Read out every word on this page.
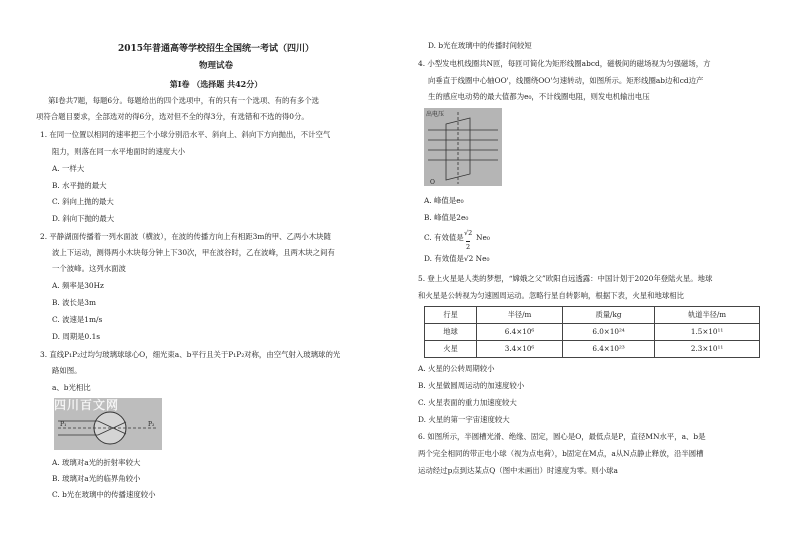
2015年普通高等学校招生全国统一考试（四川）
物理试卷
第Ⅰ卷 （选择题 共42分）
第Ⅰ卷共7题，每题6分。每题给出的四个选项中，有的只有一个选项、有的有多个选
项符合题目要求，全部选对的得6分，选对但不全的得3分，有选错和不选的得0分。
1. 在同一位置以相同的速率把三个小球分别沿水平、斜向上、斜向下方向抛出，不计空气
阻力，则落在同一水平地面时的速度大小
A. 一样大
B. 水平抛的最大
C. 斜向上抛的最大
D. 斜向下抛的最大
2. 平静湖面传播着一列水面波（横波），在波的传播方向上有相距3m的甲、乙两小木块随
波上下运动，测得两小木块每分钟上下30次，甲在波谷时，乙在波峰，且两木块之间有
一个波峰。这列水面波
A. 频率是30Hz
B. 波长是3m
C. 波速是1m/s
D. 周期是0.1s
3. 直线P₁P₂过均匀玻璃球球心O，细光束a、b平行且关于P₁P₂对称，由空气射入玻璃球的光
路如图。
a、b光相比
P₁	P₂
四川百文网
A. 玻璃对a光的折射率较大
B. 玻璃对a光的临界角较小
C. b光在玻璃中的传播速度较小
D. b光在玻璃中的传播时间较短
4. 小型发电机线圈共N匝，每匝可简化为矩形线圈abcd，磁极间的磁场视为匀强磁场，方
向垂直于线圈中心轴OO'，线圈绕OO'匀速转动，如图所示。矩形线圈ab边和cd边产
生的感应电动势的最大值都为e₀，不计线圈电阻，则发电机输出电压
O
出电压
A. 峰值是e₀
B. 峰值是2e₀
C. 有效值是 √2
2
Ne₀
D. 有效值是√2 Ne₀
5. 登上火星是人类的梦想，“嫦娥之父”欧阳自远透露：中国计划于2020年登陆火星。地球
和火星是公转视为匀速圆周运动。忽略行星自转影响，根据下表，火星和地球相比
行星	半径/m	质量/kg	轨道半径/m
地球	6.4×10⁶	6.0×10²⁴	1.5×10¹¹
火星	3.4×10⁶	6.4×10²³	2.3×10¹¹
A. 火星的公转周期较小
B. 火星做圆周运动的加速度较小
C. 火星表面的重力加速度较大
D. 火星的第一宇宙速度较大
6. 如图所示，半圆槽光滑、绝缘、固定，圆心是O，最低点是P，直径MN水平，a、b是
两个完全相同的带正电小球（视为点电荷），b固定在M点，a从N点静止释放，沿半圆槽
运动经过p点到达某点Q（图中未画出）时速度为零。则小球a
